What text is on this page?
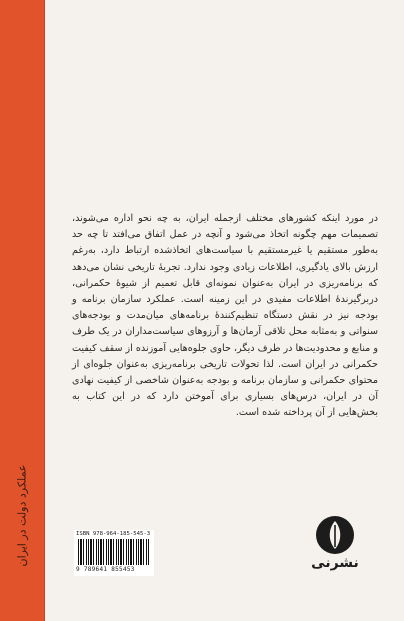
عملکرد دولت در ایران

در مورد اینکه کشورهای مختلف ازجمله ایران، به چه نحو اداره می‌شوند، تصمیمات مهم چگونه اتخاذ می‌شود و آنچه در عمل اتفاق می‌افتد تا چه حد به‌طور مستقیم یا غیرمستقیم با سیاست‌های اتخاذشده ارتباط دارد، به‌رغم ارزش بالای یادگیری، اطلاعات زیادی وجود ندارد. تجربهٔ تاریخی نشان می‌دهد که برنامه‌ریزی در ایران به‌عنوان نمونه‌ای قابل تعمیم از شیوهٔ حکمرانی، دربرگیرندهٔ اطلاعات مفیدی در این زمینه است. عملکرد سازمان برنامه و بودجه نیز در نقش دستگاه تنظیم‌کنندهٔ برنامه‌های میان‌مدت و بودجه‌های سنواتی و به‌مثابه محل تلاقی آرمان‌ها و آرزوهای سیاست‌مداران در یک طرف و منابع و محدودیت‌ها در طرف دیگر، حاوی جلوه‌هایی آموزنده از سقف کیفیت حکمرانی در ایران است. لذا تحولات تاریخی برنامه‌ریزی به‌عنوان جلوه‌ای از محتوای حکمرانی و سازمان برنامه و بودجه به‌عنوان شاخصی از کیفیت نهادی آن در ایران، درس‌های بسیاری برای آموختن دارد که در این کتاب به بخش‌هایی از آن پرداخته شده است.

ISBN 978-964-185-545-3
9 789641 855453	نشرنی
